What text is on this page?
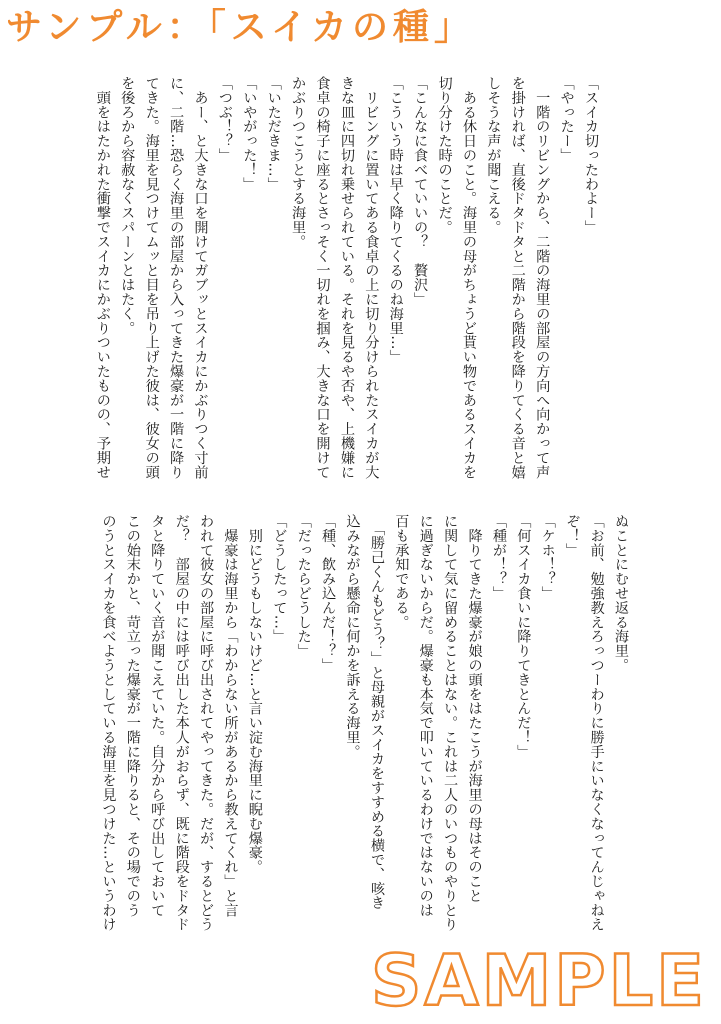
サンプル：「スイカの種」

「スイカ切ったわよー」

「やったー」

　一階のリビングから、二階の海里の部屋の方向へ向かって声

を掛ければ、直後ドタドタと二階から階段を降りてくる音と嬉

しそうな声が聞こえる。

　ある休日のこと。海里の母がちょうど貰い物であるスイカを

切り分けた時のことだ。

「こんなに食べていいの？　贅沢」

「こういう時は早く降りてくるのね海里…」

　リビングに置いてある食卓の上に切り分けられたスイカが大

きな皿に四切れ乗せられている。それを見るや否や、上機嫌に

食卓の椅子に座るとさっそく一切れを掴み、大きな口を開けて

かぶりつこうとする海里。

「いただきま…」

「いやがった！」

「つぶ！？」

　あー、と大きな口を開けてガブッとスイカにかぶりつく寸前

に、二階…恐らく海里の部屋から入ってきた爆豪が一階に降り

てきた。海里を見つけてムッと目を吊り上げた彼は、彼女の頭

を後ろから容赦なくスパーンとはたく。

　頭をはたかれた衝撃でスイカにかぶりついたものの、予期せ

ぬことにむせ返る海里。

「お前、勉強教えろっつーわりに勝手にいなくなってんじゃねえ

ぞ！」

「ケホ！？」

「何スイカ食いに降りてきとんだ！」

「種が！？」

　降りてきた爆豪が娘の頭をはたこうが海里の母はそのこと

に関して気に留めることはない。これは二人のいつものやりとり

に過ぎないからだ。爆豪も本気で叩いているわけではないのは

百も承知である。

　「勝己くんもどう？」と母親がスイカをすすめる横で、咳き

込みながら懸命に何かを訴える海里。

「種、飲み込んだ！？」

「だったらどうした」

「どうしたって…」

　別にどうもしないけど…と言い淀む海里に睨む爆豪。

　爆豪は海里から「わからない所があるから教えてくれ」と言

われて彼女の部屋に呼び出されてやってきた。だが、するとどう

だ？　部屋の中には呼び出した本人がおらず、既に階段をドタド

タと降りていく音が聞こえていた。自分から呼び出しておいて

この始末かと、苛立った爆豪が一階に降りると、その場でのう

のうとスイカを食べようとしている海里を見つけた…というわけ

SAMPLE
